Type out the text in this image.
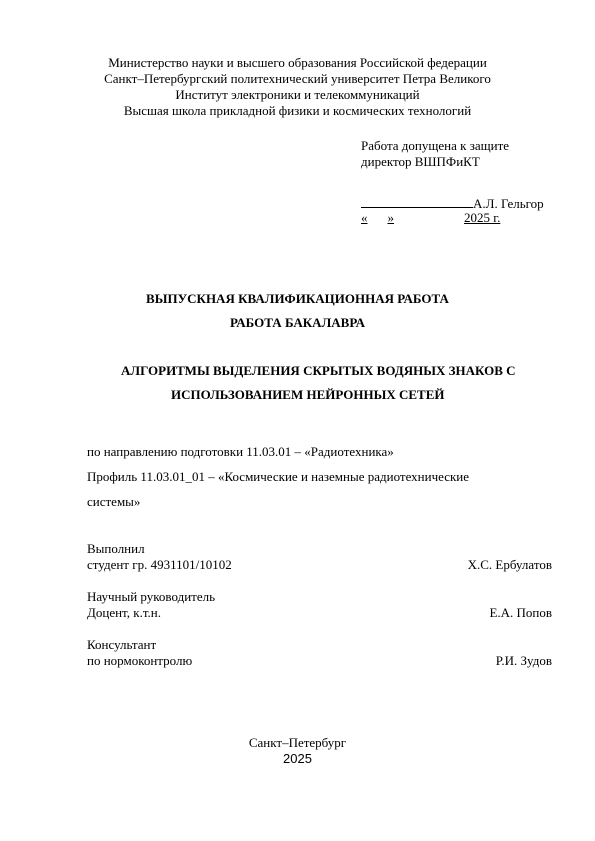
Министерство науки и высшего образования Российской федерации
Санкт–Петербургский политехнический университет Петра Великого
Институт электроники и телекоммуникаций
Высшая школа прикладной физики и космических технологий
Работа допущена к защите
директор ВШПФиКТ
А.Л. Гельгор
« »	2025 г.
ВЫПУСКНАЯ КВАЛИФИКАЦИОННАЯ РАБОТА
РАБОТА БАКАЛАВРА
АЛГОРИТМЫ ВЫДЕЛЕНИЯ СКРЫТЫХ ВОДЯНЫХ ЗНАКОВ С
ИСПОЛЬЗОВАНИЕМ НЕЙРОННЫХ СЕТЕЙ
по направлению подготовки 11.03.01 – «Радиотехника»
Профиль 11.03.01_01 – «Космические и наземные радиотехнические
системы»
Выполнил
студент гр. 4931101/10102	Х.С. Ербулатов
Научный руководитель
Доцент, к.т.н.	Е.А. Попов
Консультант
по нормоконтролю	Р.И. Зудов
Санкт–Петербург
2025
